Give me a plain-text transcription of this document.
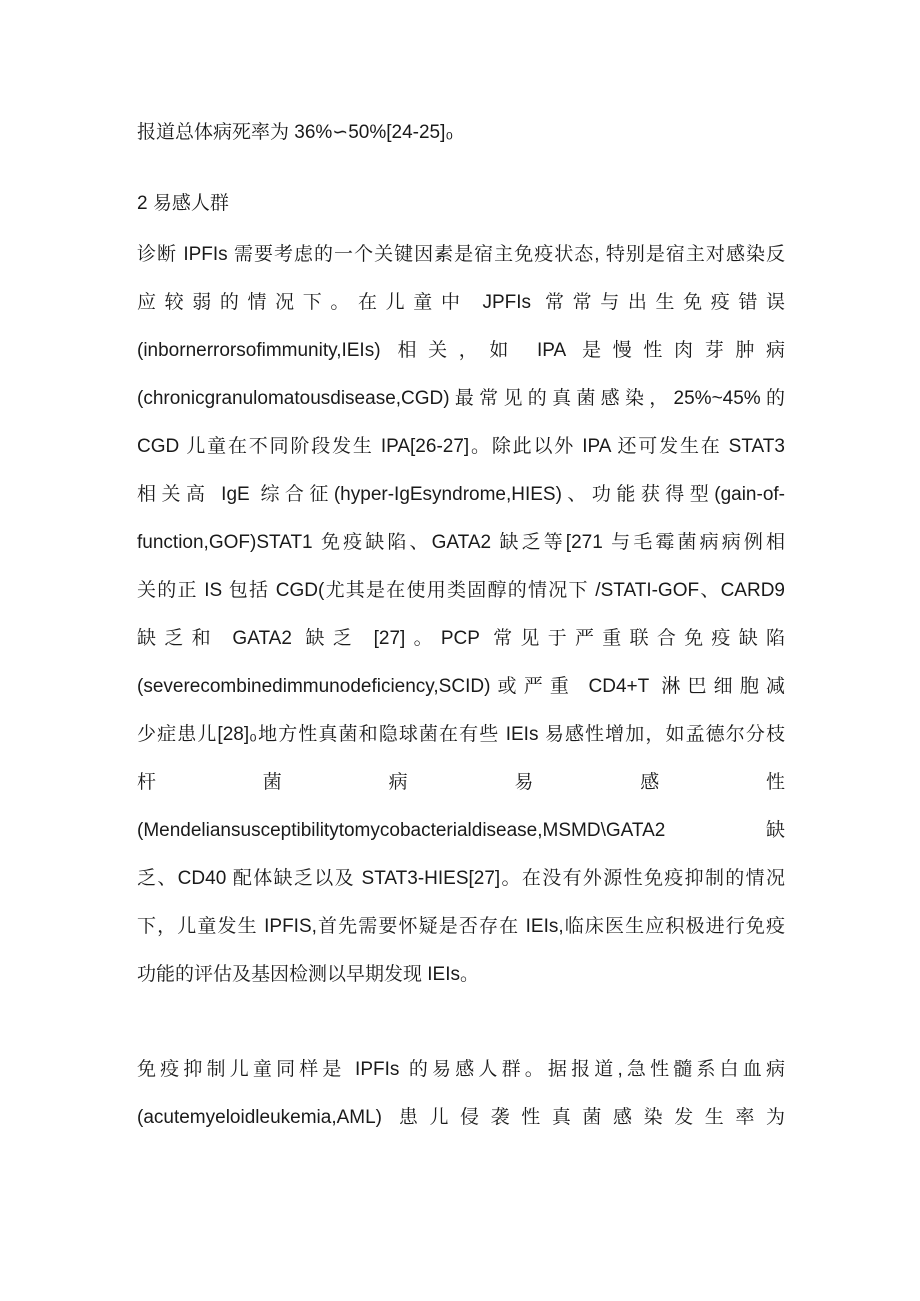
报道总体病死率为 36%∽50%[24-25]₀
2 易感人群
诊断 IPFIs 需要考虑的一个关键因素是宿主免疫状态, 特别是宿主对感染反
应较弱的情况下。在儿童中 JPFIs 常常与出生免疫错误
(inbornerrorsofimmunity,IEIs) 相关，如 IPA 是慢性肉芽肿病
(chronicgranulomatousdisease,CGD)最常见的真菌感染，25%~45%的
CGD 儿童在不同阶段发生 IPA[26-27]。除此以外 IPA 还可发生在 STAT3
相关高 IgE 综合征(hyper-IgEsyndrome,HIES)、功能获得型(gain-of-
function,GOF)STAT1 免疫缺陷、GATA2 缺乏等[271 与毛霉菌病病例相
关的正 IS 包括 CGD(尤其是在使用类固醇的情况下 /STATI-GOF、CARD9
缺乏和 GATA2 缺乏 [27]。PCP 常见于严重联合免疫缺陷
(severecombinedimmunodeficiency,SCID)或严重 CD4+T 淋巴细胞减
少症患儿[28]₀地方性真菌和隐球菌在有些 IEIs 易感性增加，如孟德尔分枝
杆 菌 病 易 感 性
(Mendeliansusceptibilitytomycobacterialdisease,MSMD\GATA2 缺
乏、CD40 配体缺乏以及 STAT3-HIES[27]。在没有外源性免疫抑制的情况
下，儿童发生 IPFIS,首先需要怀疑是否存在 IEIs,临床医生应积极进行免疫
功能的评估及基因检测以早期发现 IEIs。
免疫抑制儿童同样是 IPFIs 的易感人群。据报道,急性髓系白血病
(acutemyeloidleukemia,AML) 患儿侵袭性真菌感染发生率为
